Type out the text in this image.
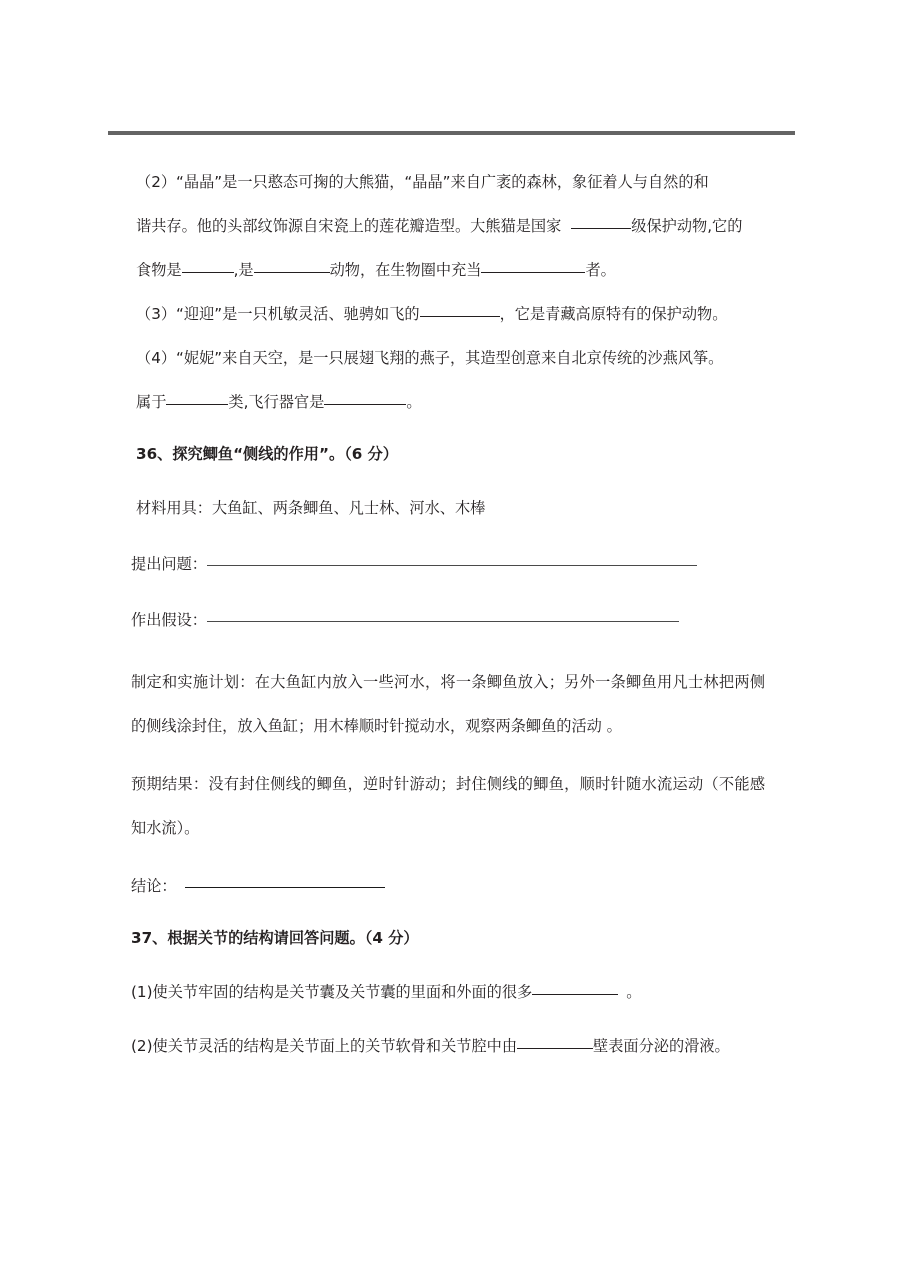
（2）“晶晶”是一只憨态可掬的大熊猫，“晶晶”来自广袤的森林，象征着人与自然的和
谐共存。他的头部纹饰源自宋瓷上的莲花瓣造型。大熊猫是国家	级保护动物,它的
食物是	,是	动物，在生物圈中充当	者。
（3）“迎迎”是一只机敏灵活、驰骋如飞的	，它是青藏高原特有的保护动物。
（4）“妮妮”来自天空，是一只展翅飞翔的燕子，其造型创意来自北京传统的沙燕风筝。
属于	类,飞行器官是	。
36、探究鲫鱼“侧线的作用”。（6 分）
材料用具：大鱼缸、两条鲫鱼、凡士林、河水、木棒
提出问题：
作出假设：
制定和实施计划：在大鱼缸内放入一些河水，将一条鲫鱼放入；另外一条鲫鱼用凡士林把两侧的侧线涂封住，放入鱼缸；用木棒顺时针搅动水，观察两条鲫鱼的活动 。
预期结果：没有封住侧线的鲫鱼，逆时针游动；封住侧线的鲫鱼，顺时针随水流运动（不能感知水流）。
结论：
37、根据关节的结构请回答问题。（4 分）
(1)使关节牢固的结构是关节囊及关节囊的里面和外面的很多	。
(2)使关节灵活的结构是关节面上的关节软骨和关节腔中由	壁表面分泌的滑液。
